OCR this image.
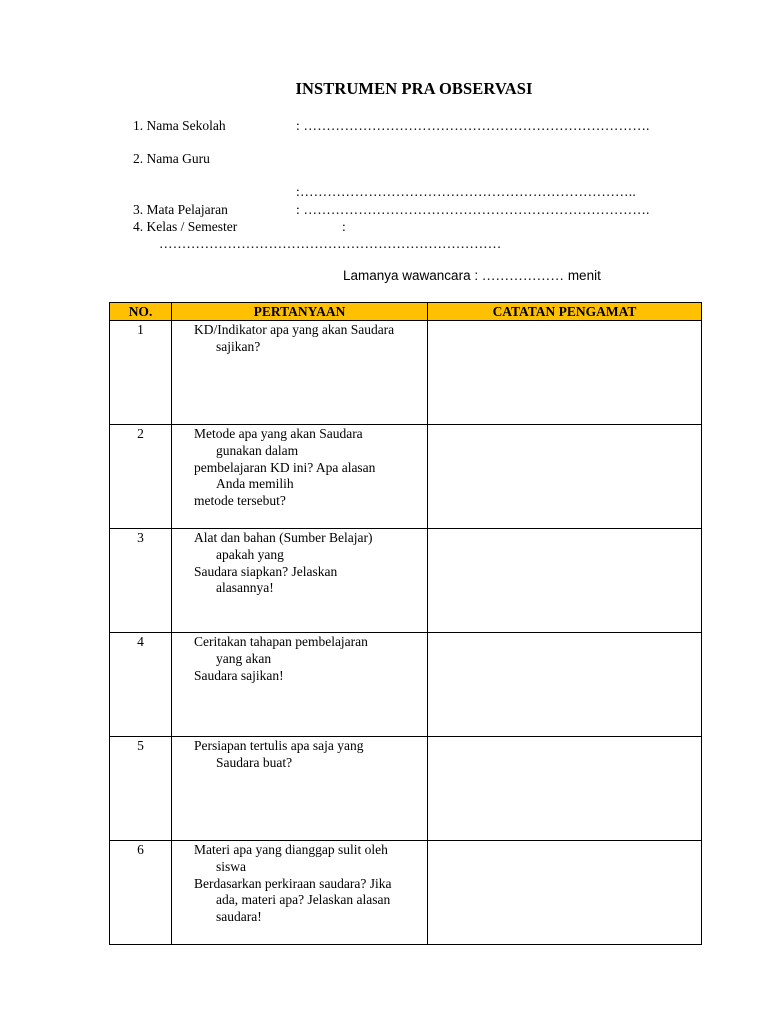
INSTRUMEN PRA OBSERVASI
1. Nama Sekolah	: ………………………………………………………………….
2. Nama Guru
:………………………………………………………………..
3. Mata Pelajaran	: ………………………………………………………………….
4. Kelas / Semester	:
…………………………………………………………………
Lamanya wawancara : ……………… menit
NO.	PERTANYAAN	CATATAN PENGAMAT
1	KD/Indikator apa yang akan Saudara
sajikan?	

2	Metode apa yang akan Saudara
gunakan dalam
pembelajaran KD ini? Apa alasan
Anda memilih
metode tersebut?	

3	Alat dan bahan (Sumber Belajar)
apakah yang
Saudara siapkan? Jelaskan
alasannya!	

4	Ceritakan tahapan pembelajaran
yang akan
Saudara sajikan!	

5	Persiapan tertulis apa saja yang
Saudara buat?	

6	Materi apa yang dianggap sulit oleh
siswa
Berdasarkan perkiraan saudara? Jika
ada, materi apa? Jelaskan alasan
saudara!	
